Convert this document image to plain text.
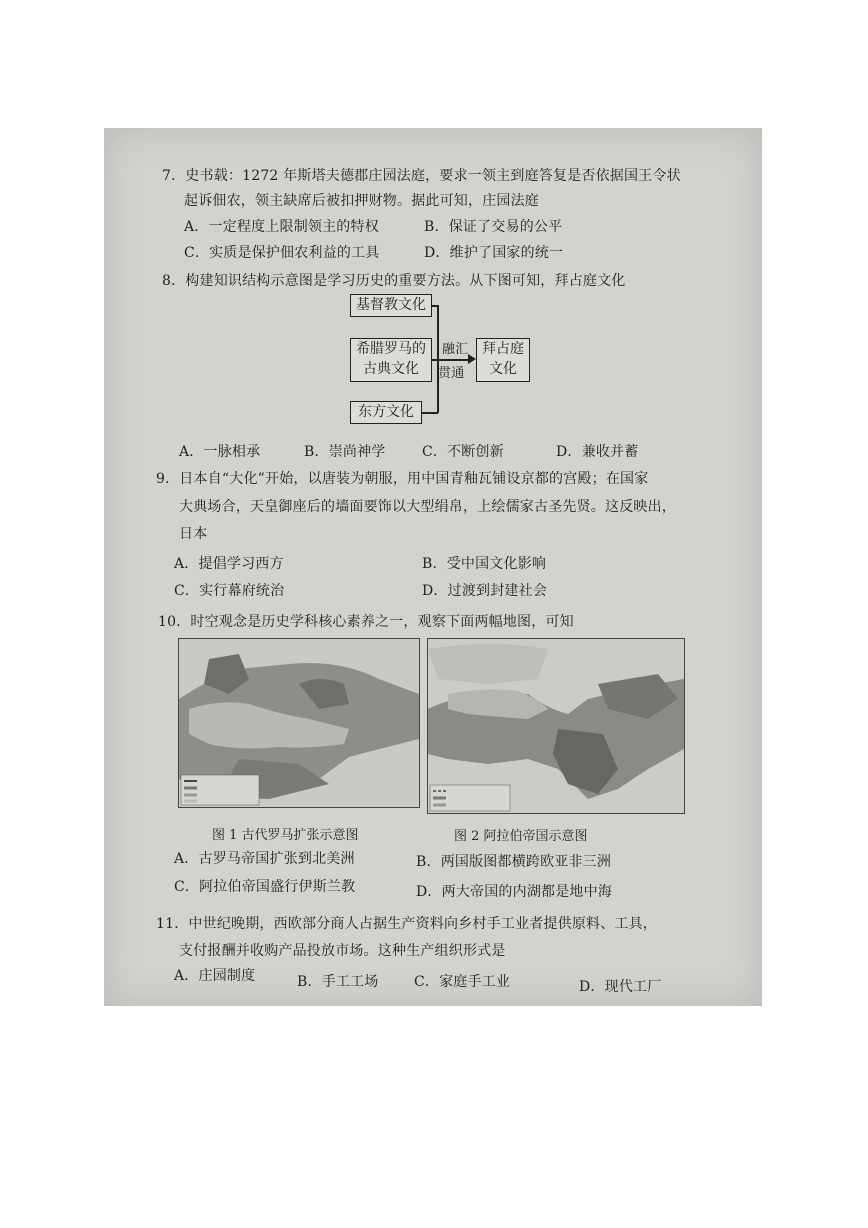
7．史书载：1272 年斯塔夫德郡庄园法庭，要求一领主到庭答复是否依据国王令状
起诉佃农，领主缺席后被扣押财物。据此可知，庄园法庭
A．一定程度上限制领主的特权	B．保证了交易的公平
C．实质是保护佃农利益的工具	D．维护了国家的统一
8．构建知识结构示意图是学习历史的重要方法。从下图可知，拜占庭文化
基督教文化
希腊罗马的
古典文化
东方文化
融汇
贯通
拜占庭
文化
A．一脉相承	B．崇尚神学	C．不断创新	D．兼收并蓄
9．日本自“大化”开始，以唐装为朝服，用中国青釉瓦铺设京都的宫殿；在国家
大典场合，天皇御座后的墙面要饰以大型绢帛，上绘儒家古圣先贤。这反映出，
日本
A．提倡学习西方	B．受中国文化影响
C．实行幕府统治	D．过渡到封建社会
10．时空观念是历史学科核心素养之一，观察下面两幅地图，可知
图 1 古代罗马扩张示意图	图 2 阿拉伯帝国示意图
A．古罗马帝国扩张到北美洲	B．两国版图都横跨欧亚非三洲
C．阿拉伯帝国盛行伊斯兰教	D．两大帝国的内湖都是地中海
11．中世纪晚期，西欧部分商人占据生产资料向乡村手工业者提供原料、工具，
支付报酬并收购产品投放市场。这种生产组织形式是
A．庄园制度	B．手工工场	C．家庭手工业	D．现代工厂
